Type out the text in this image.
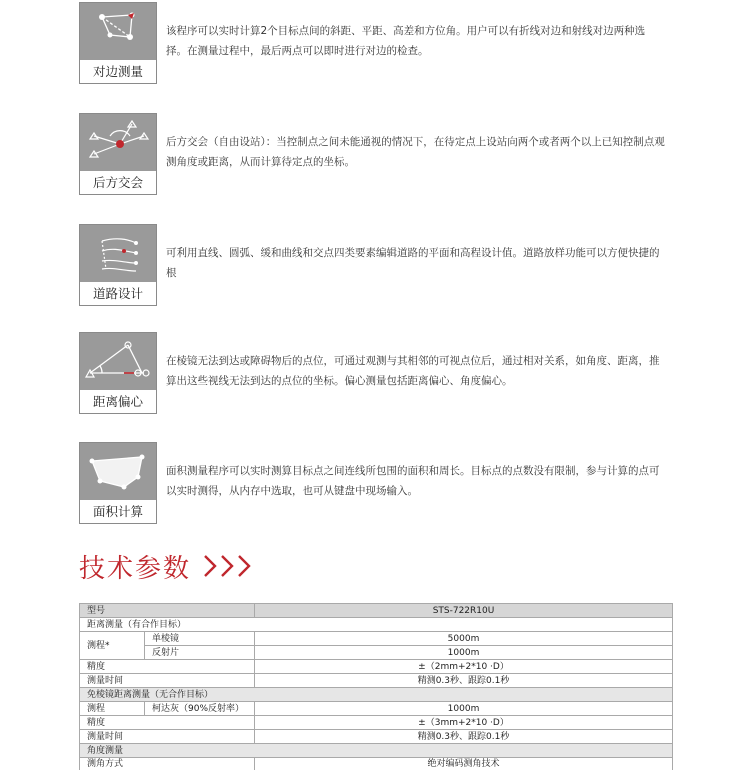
对边测量
该程序可以实时计算2个目标点间的斜距、平距、高差和方位角。用户可以有折线对边和射线对边两种选择。在测量过程中，最后两点可以即时进行对边的检查。
后方交会
后方交会（自由设站）：当控制点之间未能通视的情况下，在待定点上设站向两个或者两个以上已知控制点观测角度或距离，从而计算待定点的坐标。
道路设计
可利用直线、圆弧、缓和曲线和交点四类要素编辑道路的平面和高程设计值。道路放样功能可以方便快捷的根
距离偏心
在棱镜无法到达或障碍物后的点位，可通过观测与其相邻的可视点位后，通过相对关系，如角度、距离，推算出这些视线无法到达的点位的坐标。偏心测量包括距离偏心、角度偏心。
面积计算
面积测量程序可以实时测算目标点之间连线所包围的面积和周长。目标点的点数没有限制，参与计算的点可以实时测得，从内存中选取，也可从键盘中现场输入。
技术参数
型号		STS-722R10U
距离测量（有合作目标）		
测程*	单棱镜	5000m
	反射片	1000m
精度		±（2mm+2*10 ·D）
测量时间		精测0.3秒、跟踪0.1秒
免棱镜距离测量（无合作目标）		
测程	柯达灰（90%反射率）	1000m
精度		±（3mm+2*10 ·D）
测量时间		精测0.3秒、跟踪0.1秒
角度测量		
测角方式		绝对编码测角技术
